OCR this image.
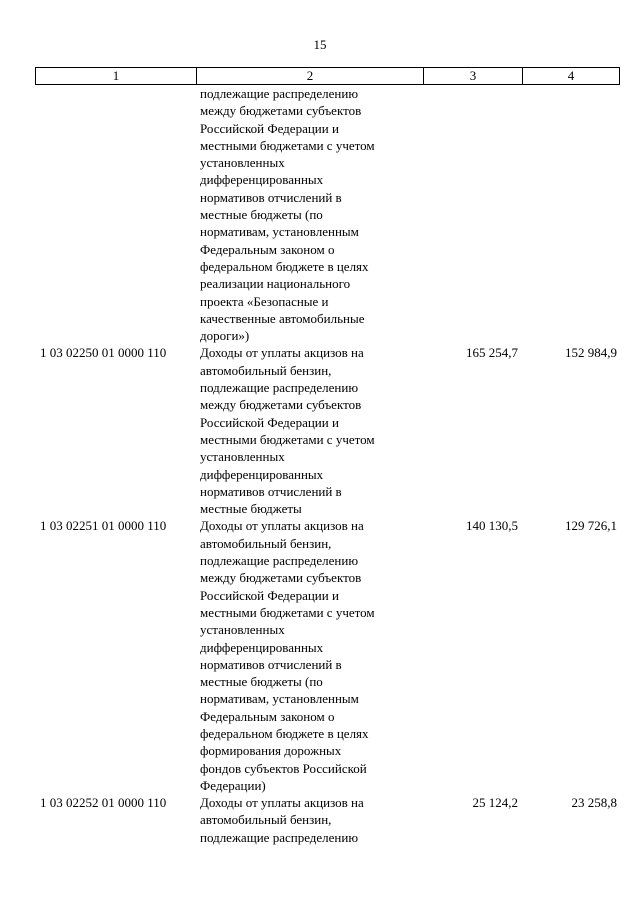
15
1	2	3	4
подлежащие распределению
между бюджетами субъектов
Российской Федерации и
местными бюджетами с учетом
установленных
дифференцированных
нормативов отчислений в
местные бюджеты (по
нормативам, установленным
Федеральным законом о
федеральном бюджете в целях
реализации национального
проекта «Безопасные и
качественные автомобильные
дороги»)
1 03 02250 01 0000 110	Доходы от уплаты акцизов на
автомобильный бензин,
подлежащие распределению
между бюджетами субъектов
Российской Федерации и
местными бюджетами с учетом
установленных
дифференцированных
нормативов отчислений в
местные бюджеты
165 254,7	152 984,9
1 03 02251 01 0000 110	Доходы от уплаты акцизов на
автомобильный бензин,
подлежащие распределению
между бюджетами субъектов
Российской Федерации и
местными бюджетами с учетом
установленных
дифференцированных
нормативов отчислений в
местные бюджеты (по
нормативам, установленным
Федеральным законом о
федеральном бюджете в целях
формирования дорожных
фондов субъектов Российской
Федерации)
140 130,5	129 726,1
1 03 02252 01 0000 110	Доходы от уплаты акцизов на
автомобильный бензин,
подлежащие распределению
25 124,2	23 258,8
